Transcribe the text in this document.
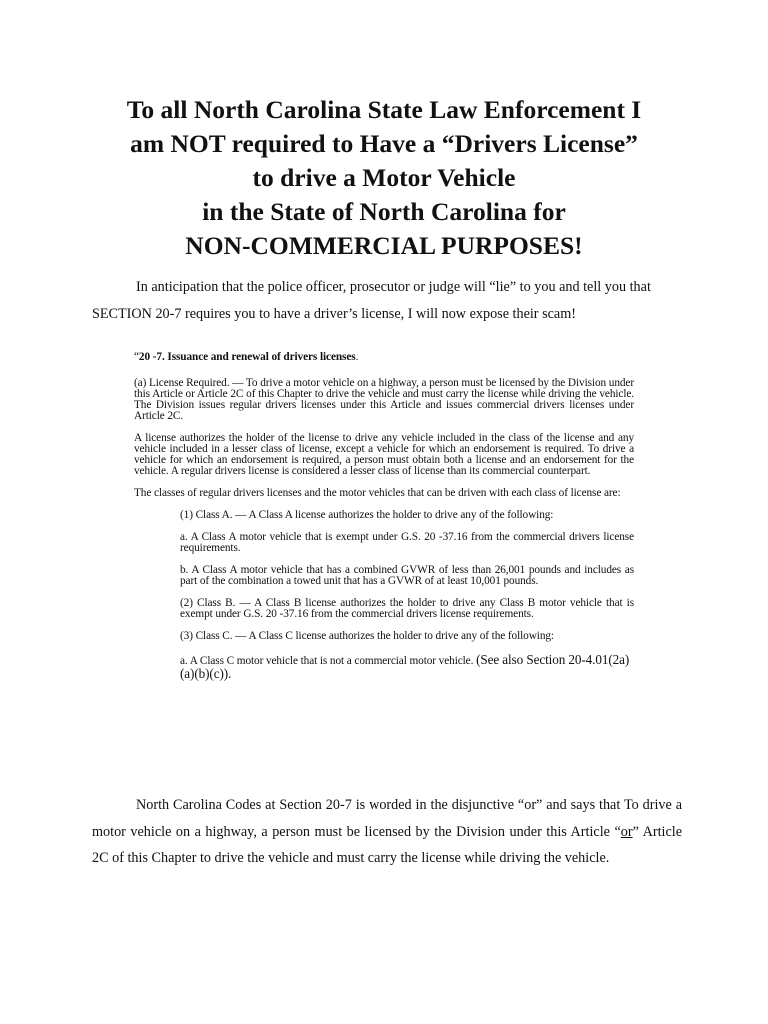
To all North Carolina State Law Enforcement I
am NOT required to Have a “Drivers License”
to drive a Motor Vehicle
in the State of North Carolina for
NON-COMMERCIAL PURPOSES!
In anticipation that the police officer, prosecutor or judge will “lie” to you and tell you that SECTION 20-7 requires you to have a driver’s license, I will now expose their scam!

“20 -7. Issuance and renewal of drivers licenses.

(a) License Required. — To drive a motor vehicle on a highway, a person must be licensed by the Division under this Article or Article 2C of this Chapter to drive the vehicle and must carry the license while driving the vehicle. The Division issues regular drivers licenses under this Article and issues commercial drivers licenses under Article 2C.

A license authorizes the holder of the license to drive any vehicle included in the class of the license and any vehicle included in a lesser class of license, except a vehicle for which an endorsement is required. To drive a vehicle for which an endorsement is required, a person must obtain both a license and an endorsement for the vehicle. A regular drivers license is considered a lesser class of license than its commercial counterpart.

The classes of regular drivers licenses and the motor vehicles that can be driven with each class of license are:

(1) Class A. — A Class A license authorizes the holder to drive any of the following:

a. A Class A motor vehicle that is exempt under G.S. 20 -37.16 from the commercial drivers license requirements.

b. A Class A motor vehicle that has a combined GVWR of less than 26,001 pounds and includes as part of the combination a towed unit that has a GVWR of at least 10,001 pounds.

(2) Class B. — A Class B license authorizes the holder to drive any Class B motor vehicle that is exempt under G.S. 20 -37.16 from the commercial drivers license requirements.

(3) Class C. — A Class C license authorizes the holder to drive any of the following:

a. A Class C motor vehicle that is not a commercial motor vehicle. (See also Section 20-4.01(2a)(a)(b)(c)).

North Carolina Codes at Section 20-7 is worded in the disjunctive “or” and says that To drive a motor vehicle on a highway, a person must be licensed by the Division under this Article “or” Article 2C of this Chapter to drive the vehicle and must carry the license while driving the vehicle.
